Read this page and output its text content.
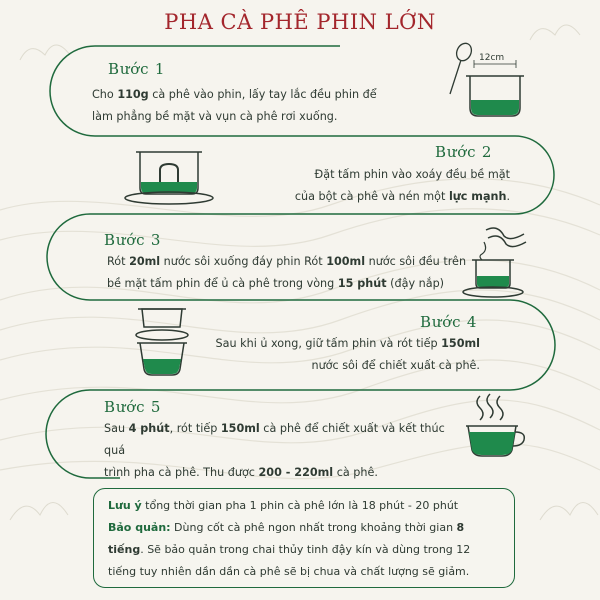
PHA CÀ PHÊ PHIN LỚN
Bước 1
Cho 110g cà phê vào phin, lấy tay lắc đều phin để
làm phẳng bề mặt và vụn cà phê rơi xuống.
12cm
Bước 2
Đặt tấm phin vào xoáy đều bề mặt
của bột cà phê và nén một lực mạnh.
Bước 3
Rót 20ml nước sôi xuống đáy phin Rót 100ml nước sôi đều trên
bề mặt tấm phin để ủ cà phê trong vòng 15 phút (đậy nắp)
Bước 4
Sau khi ủ xong, giữ tấm phin và rót tiếp 150ml
nước sôi để chiết xuất cà phê.
Bước 5
Sau 4 phút, rót tiếp 150ml cà phê để chiết xuất và kết thúc quá
trình pha cà phê. Thu được 200 - 220ml cà phê.
Lưu ý tổng thời gian pha 1 phin cà phê lớn là 18 phút - 20 phút
Bảo quản: Dùng cốt cà phê ngon nhất trong khoảng thời gian 8
tiếng. Sẽ bảo quản trong chai thủy tinh đậy kín và dùng trong 12
tiếng tuy nhiên dần dần cà phê sẽ bị chua và chất lượng sẽ giảm.
